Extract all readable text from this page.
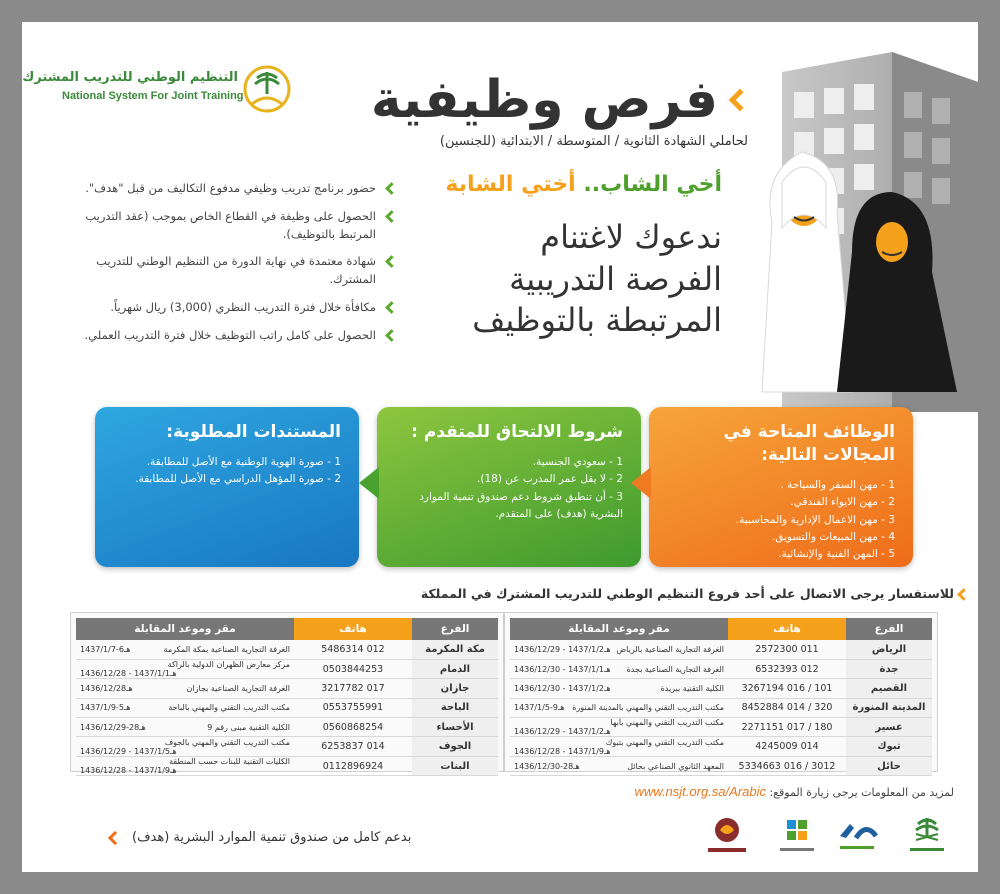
التنظيم الوطني للتدريب المشترك
National System For Joint Training فرص وظيفية
لحاملي الشهادة الثانوية / المتوسطة / الابتدائية (للجنسين)
أخي الشاب.. أختي الشابة
ندعوك لاغتنام
الفرصة التدريبية
المرتبطة بالتوظيف
حضور برنامج تدريب وظيفي مدفوع التكاليف من قبل "هدف".
الحصول على وظيفة في القطاع الخاص بموجب (عقد التدريب المرتبط بالتوظيف).
شهادة معتمدة في نهاية الدورة من التنظيم الوطني للتدريب المشترك.
مكافأة خلال فترة التدريب النظري (3,000) ريال شهرياً.
الحصول على كامل راتب التوظيف خلال فترة التدريب العملي.
المستندات المطلوبة:
1 - صورة الهوية الوطنية مع الأصل للمطابقة.
2 - صورة المؤهل الدراسي مع الأصل للمطابقة.
شروط الالتحاق للمتقدم :
1 - سعودي الجنسية.
2 - لا يقل عمر المدرب عن (18).
3 - أن تنطبق شروط دعم صندوق تنمية الموارد البشرية (هدف) على المتقدم.
الوظائف المتاحة في المجالات التالية:
1 - مهن السفر والسياحة .
2 - مهن الايواء الفندقي.
3 - مهن الاعمال الإدارية والمحاسبية.
4 - مهن المبيعات والتسويق.
5 - المهن الفنية والإنشائية.
للاستفسار يرجى الاتصال على أحد فروع التنظيم الوطني للتدريب المشترك في المملكة
الفرع	هاتف	مقر وموعد المقابلة
الرياض	011 2572300	الغرفة التجارية الصناعية بالرياض
1436/12/29 - 1437/1/2هـ

جدة	012 6532393	الغرفة التجارية الصناعية بجدة
1436/12/30 - 1437/1/1هـ

القصيم	101 / 016 3267194	الكلية التقنية ببريدة
1436/12/30 - 1437/1/2هـ

المدينة المنورة	320 / 014 8452884	مكتب التدريب التقني والمهني بالمدينة المنورة
1437/1/5-9هـ

عسير	180 / 017 2271151	مكتب التدريب التقني والمهني بأبها
1436/12/29 - 1437/1/2هـ

تبوك	014 4245009	مكتب التدريب التقني والمهني بتبوك
1436/12/28 - 1437/1/9هـ

حائل	3012 / 016 5334663	المعهد الثانوي الصناعي بحائل
1436/12/30-28هـ
الفرع	هاتف	مقر وموعد المقابلة
مكة المكرمة	012 5486314	الغرفة التجارية الصناعية بمكة المكرمة
1437/1/7-6هـ

الدمام	0503844253	مركز معارض الظهران الدولية بالراكة
1436/12/28 - 1437/1/1هـ

جازان	017 3217782	الغرفة التجارية الصناعية بجازان
1436/12/28هـ

الباحة	0553755991	مكتب التدريب التقني والمهني بالباحة
1437/1/9-5هـ

الأحساء	0560868254	الكلية التقنية مبنى رقم 9
1436/12/29-28هـ

الجوف	014 6253837	مكتب التدريب التقني والمهني بالجوف
1436/12/29 - 1437/1/5هـ

البنات	0112896924	الكليات التقنية للبنات حسب المنطقة
1436/12/28 - 1437/1/9هـ
لمزيد من المعلومات يرجى زيارة الموقع:
www.nsjt.org.sa/Arabic
بدعم كامل من صندوق تنمية الموارد البشرية (هدف)
